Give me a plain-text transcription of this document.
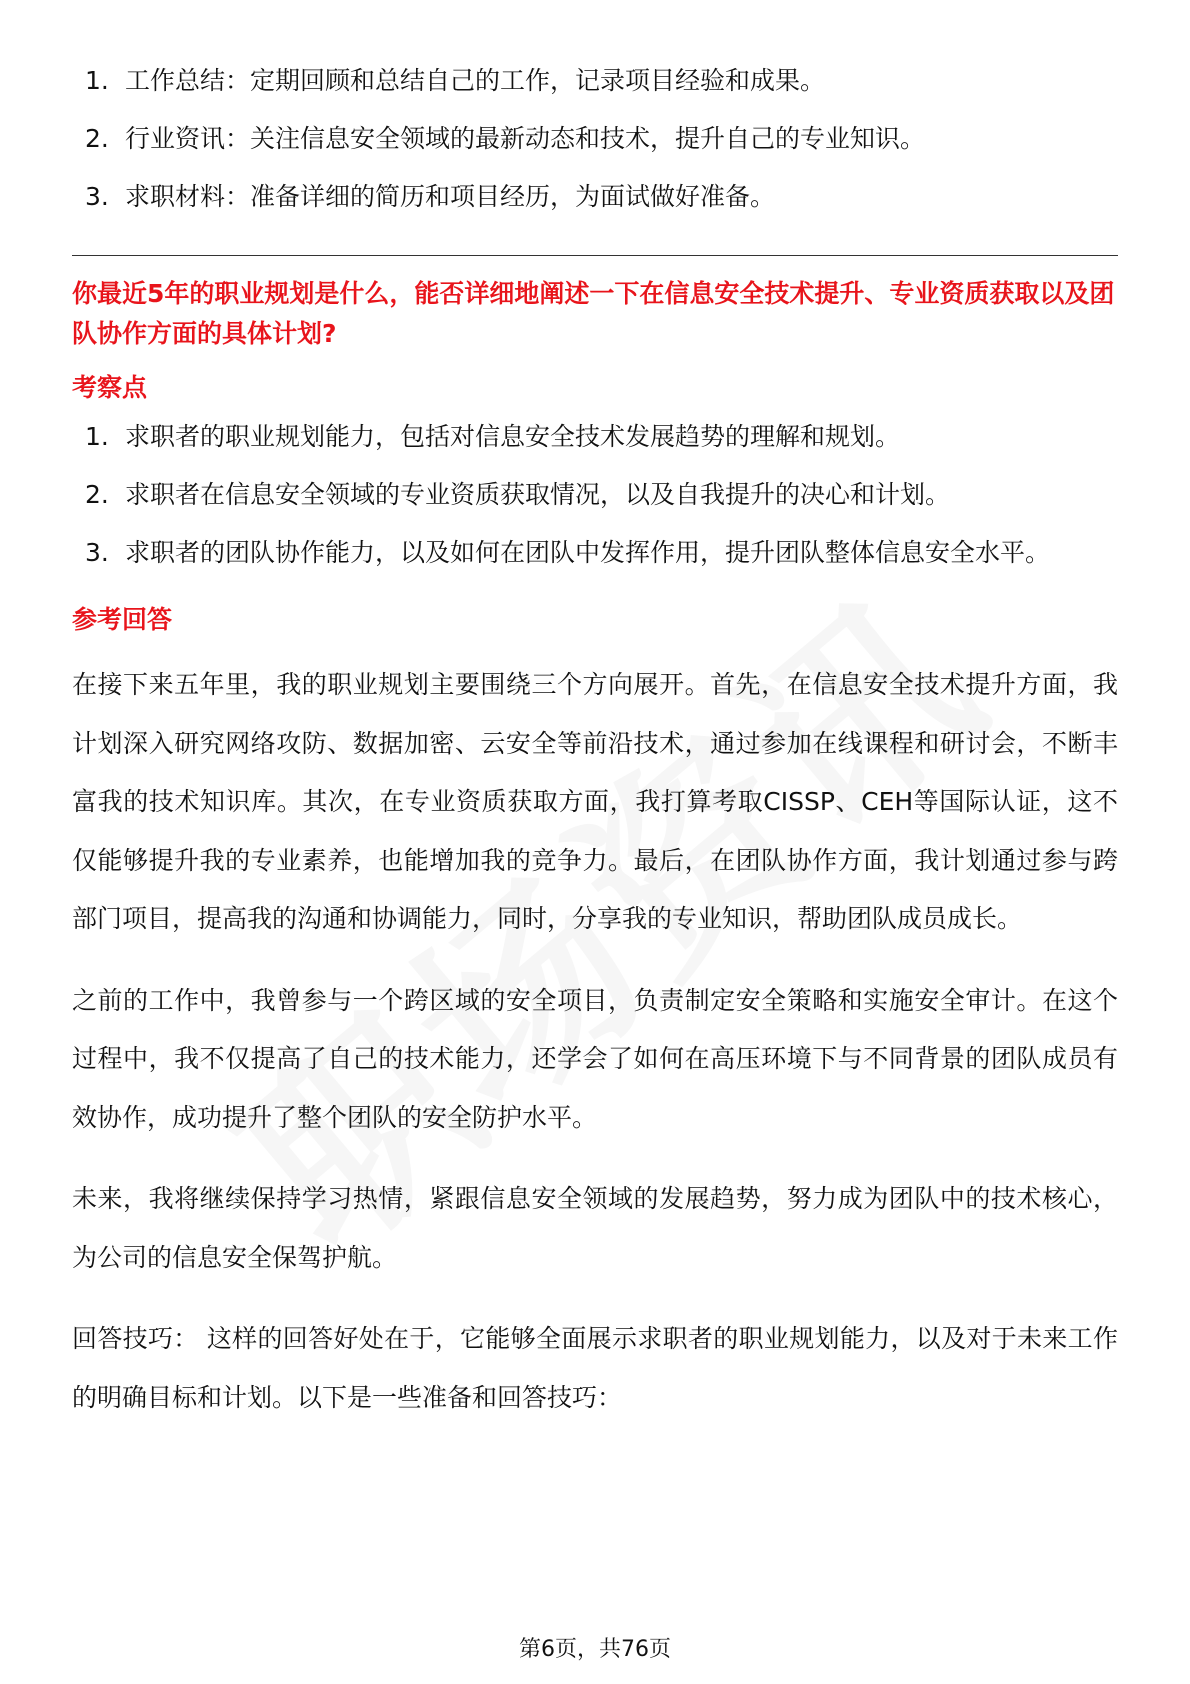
1. 工作总结：定期回顾和总结自己的工作，记录项目经验和成果。
2. 行业资讯：关注信息安全领域的最新动态和技术，提升自己的专业知识。
3. 求职材料：准备详细的简历和项目经历，为面试做好准备。
你最近5年的职业规划是什么，能否详细地阐述一下在信息安全技术提升、专业资质获取以及团队协作方面的具体计划?
考察点
1. 求职者的职业规划能力，包括对信息安全技术发展趋势的理解和规划。
2. 求职者在信息安全领域的专业资质获取情况，以及自我提升的决心和计划。
3. 求职者的团队协作能力，以及如何在团队中发挥作用，提升团队整体信息安全水平。
参考回答

在接下来五年里，我的职业规划主要围绕三个方向展开。首先，在信息安全技术提升方面，我计划深入研究网络攻防、数据加密、云安全等前沿技术，通过参加在线课程和研讨会，不断丰富我的技术知识库。其次，在专业资质获取方面，我打算考取CISSP、CEH等国际认证，这不仅能够提升我的专业素养，也能增加我的竞争力。最后，在团队协作方面，我计划通过参与跨部门项目，提高我的沟通和协调能力，同时，分享我的专业知识，帮助团队成员成长。

之前的工作中，我曾参与一个跨区域的安全项目，负责制定安全策略和实施安全审计。在这个过程中，我不仅提高了自己的技术能力，还学会了如何在高压环境下与不同背景的团队成员有效协作，成功提升了整个团队的安全防护水平。

未来，我将继续保持学习热情，紧跟信息安全领域的发展趋势，努力成为团队中的技术核心，为公司的信息安全保驾护航。

回答技巧： 这样的回答好处在于，它能够全面展示求职者的职业规划能力，以及对于未来工作的明确目标和计划。以下是一些准备和回答技巧：

第6页，共76页
